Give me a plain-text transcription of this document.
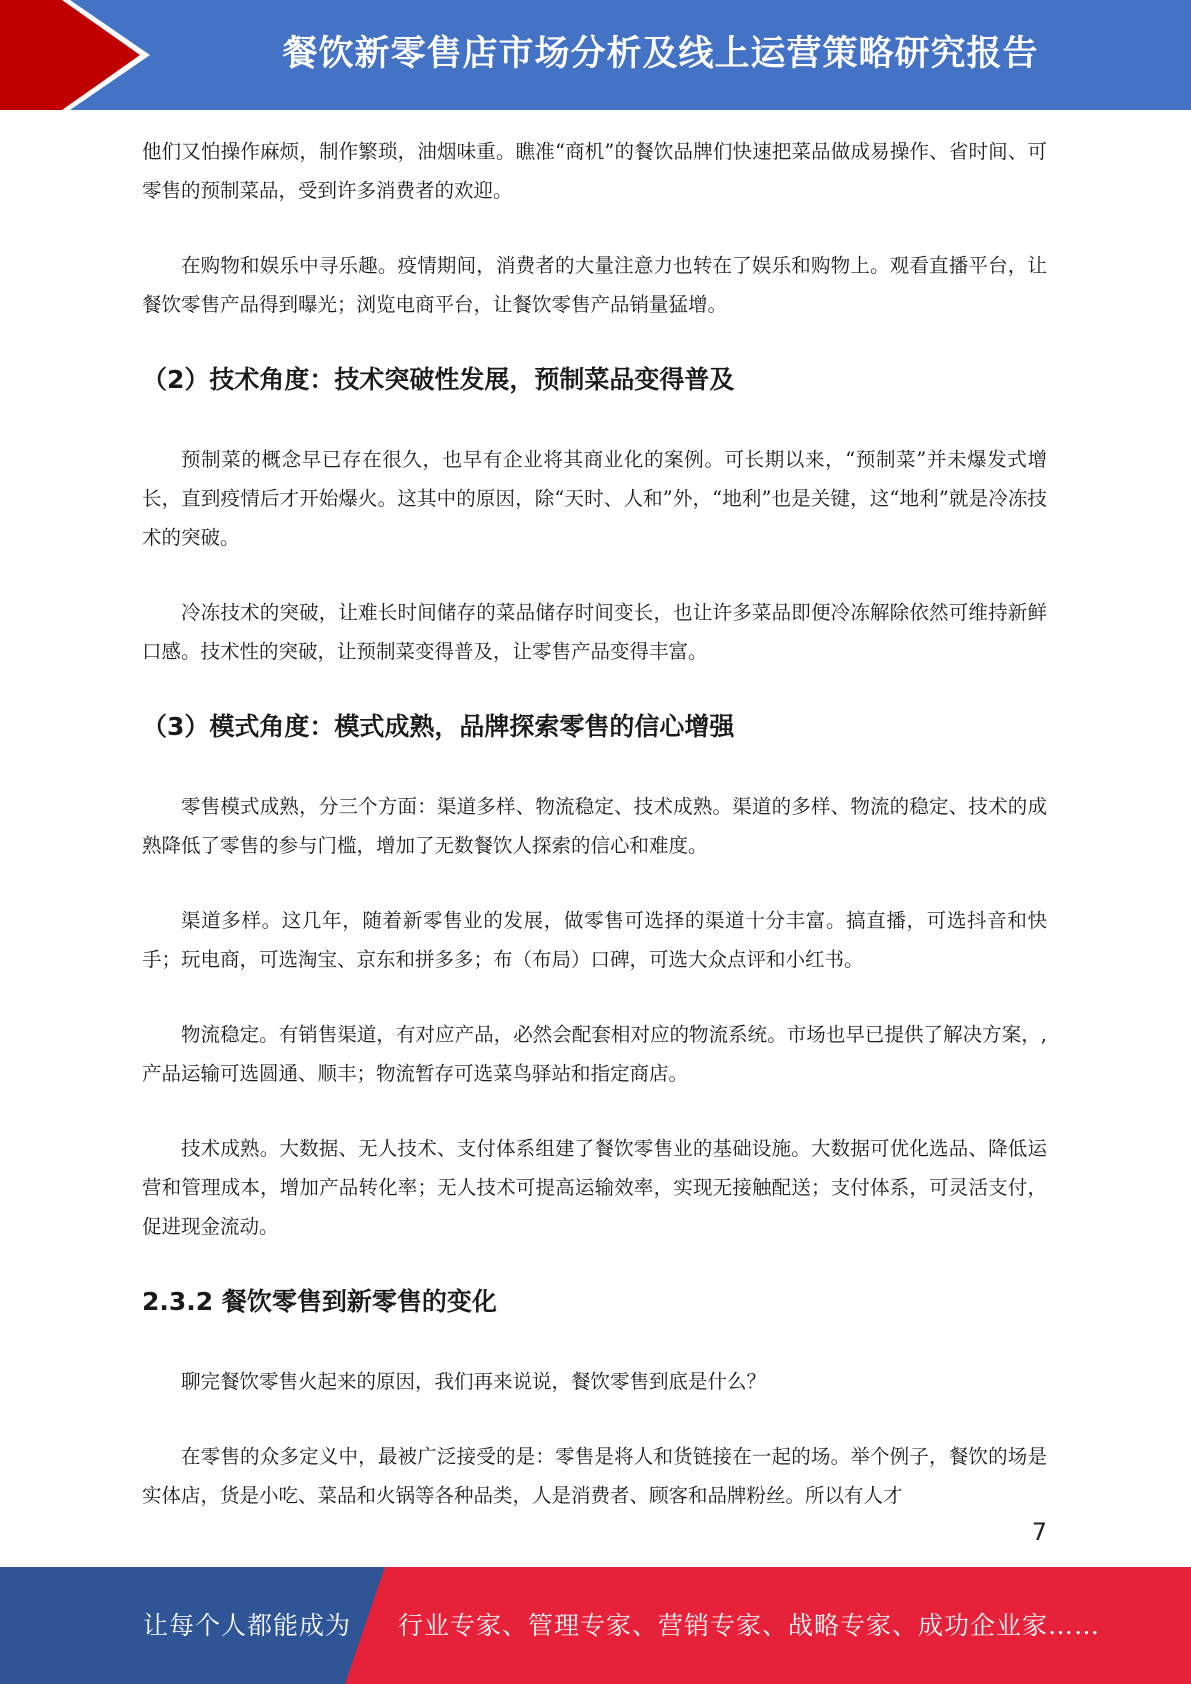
餐饮新零售店市场分析及线上运营策略研究报告

他们又怕操作麻烦，制作繁琐，油烟味重。瞧准“商机”的餐饮品牌们快速把菜品做成易操作、省时间、可零售的预制菜品，受到许多消费者的欢迎。

在购物和娱乐中寻乐趣。疫情期间，消费者的大量注意力也转在了娱乐和购物上。观看直播平台，让餐饮零售产品得到曝光；浏览电商平台，让餐饮零售产品销量猛增。

（2）技术角度：技术突破性发展，预制菜品变得普及

预制菜的概念早已存在很久，也早有企业将其商业化的案例。可长期以来，“预制菜”并未爆发式增长，直到疫情后才开始爆火。这其中的原因，除“天时、人和”外，“地利”也是关键，这“地利”就是冷冻技术的突破。

冷冻技术的突破，让难长时间储存的菜品储存时间变长，也让许多菜品即便冷冻解除依然可维持新鲜口感。技术性的突破，让预制菜变得普及，让零售产品变得丰富。

（3）模式角度：模式成熟，品牌探索零售的信心增强

零售模式成熟，分三个方面：渠道多样、物流稳定、技术成熟。渠道的多样、物流的稳定、技术的成熟降低了零售的参与门槛，增加了无数餐饮人探索的信心和难度。

渠道多样。这几年，随着新零售业的发展，做零售可选择的渠道十分丰富。搞直播，可选抖音和快手；玩电商，可选淘宝、京东和拼多多；布（布局）口碑，可选大众点评和小红书。

物流稳定。有销售渠道，有对应产品，必然会配套相对应的物流系统。市场也早已提供了解决方案，,产品运输可选圆通、顺丰；物流暂存可选菜鸟驿站和指定商店。

技术成熟。大数据、无人技术、支付体系组建了餐饮零售业的基础设施。大数据可优化选品、降低运营和管理成本，增加产品转化率；无人技术可提高运输效率，实现无接触配送；支付体系，可灵活支付，促进现金流动。

2.3.2 餐饮零售到新零售的变化

聊完餐饮零售火起来的原因，我们再来说说，餐饮零售到底是什么？

在零售的众多定义中，最被广泛接受的是：零售是将人和货链接在一起的场。举个例子，餐饮的场是实体店，货是小吃、菜品和火锅等各种品类，人是消费者、顾客和品牌粉丝。所以有人才

7
让每个人都能成为 行业专家、管理专家、营销专家、战略专家、成功企业家……
